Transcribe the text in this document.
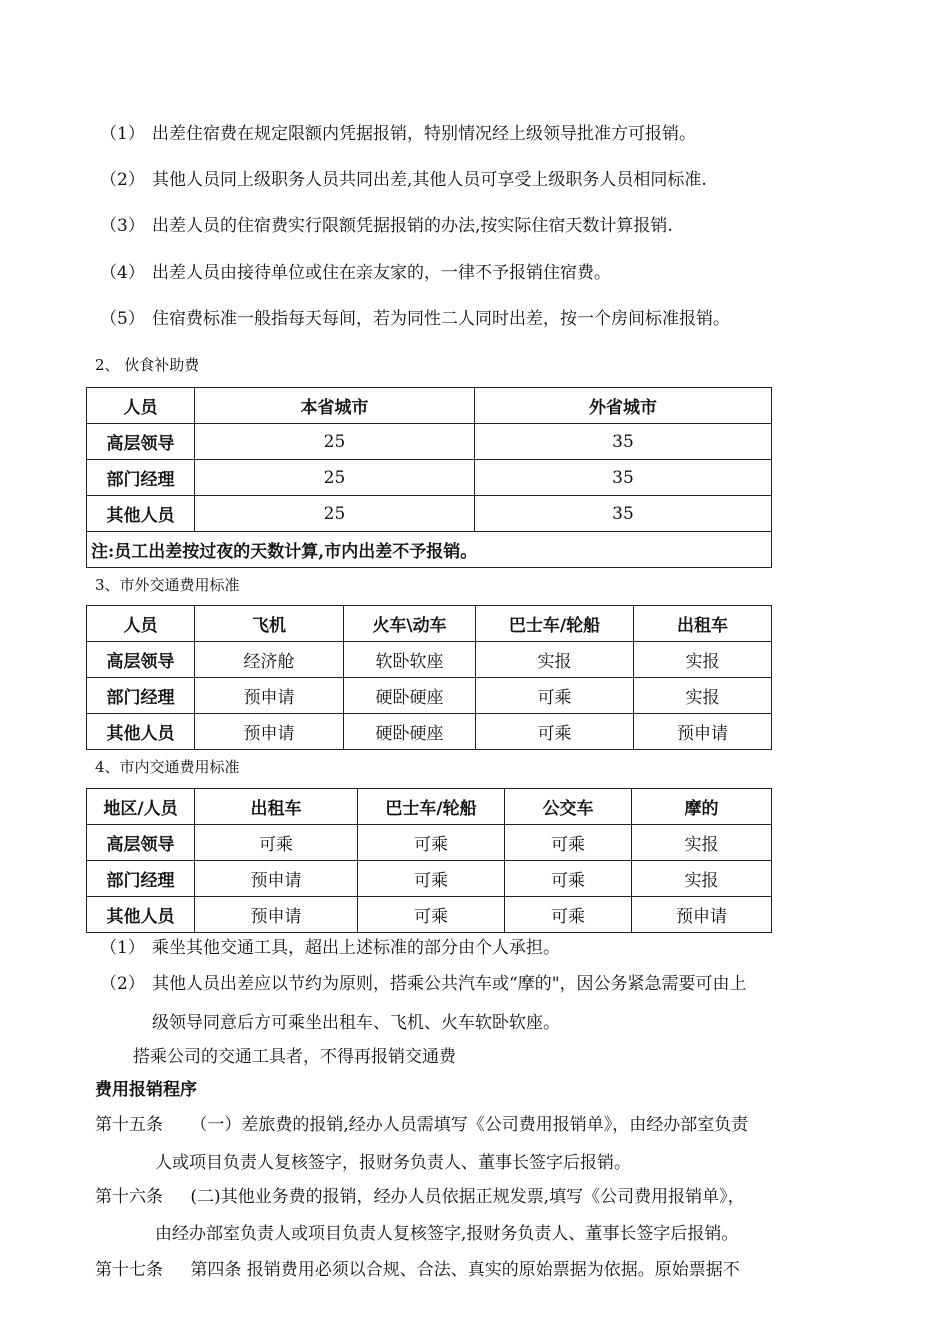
（1） 出差住宿费在规定限额内凭据报销，特别情况经上级领导批准方可报销。
（2） 其他人员同上级职务人员共同出差,其他人员可享受上级职务人员相同标准.
（3） 出差人员的住宿费实行限额凭据报销的办法,按实际住宿天数计算报销.
（4） 出差人员由接待单位或住在亲友家的，一律不予报销住宿费。
（5） 住宿费标准一般指每天每间，若为同性二人同时出差，按一个房间标准报销。
2、 伙食补助费
人员	本省城市	外省城市
高层领导	25	35
部门经理	25	35
其他人员	25	35
注:员工出差按过夜的天数计算,市内出差不予报销。		
3、市外交通费用标准
人员	飞机	火车\动车	巴士车/轮船	出租车
高层领导	经济舱	软卧软座	实报	实报
部门经理	预申请	硬卧硬座	可乘	实报
其他人员	预申请	硬卧硬座	可乘	预申请
4、市内交通费用标准
地区/人员	出租车	巴士车/轮船	公交车	摩的
高层领导	可乘	可乘	可乘	实报
部门经理	预申请	可乘	可乘	实报
其他人员	预申请	可乘	可乘	预申请
（1） 乘坐其他交通工具，超出上述标准的部分由个人承担。
（2） 其他人员出差应以节约为原则，搭乘公共汽车或“摩的"，因公务紧急需要可由上
级领导同意后方可乘坐出租车、飞机、火车软卧软座。
搭乘公司的交通工具者，不得再报销交通费
费用报销程序
第十五条 （一）差旅费的报销,经办人员需填写《公司费用报销单》，由经办部室负责
人或项目负责人复核签字，报财务负责人、董事长签字后报销。
第十六条 (二)其他业务费的报销，经办人员依据正规发票,填写《公司费用报销单》，
由经办部室负责人或项目负责人复核签字,报财务负责人、董事长签字后报销。
第十七条 第四条 报销费用必须以合规、合法、真实的原始票据为依据。原始票据不
